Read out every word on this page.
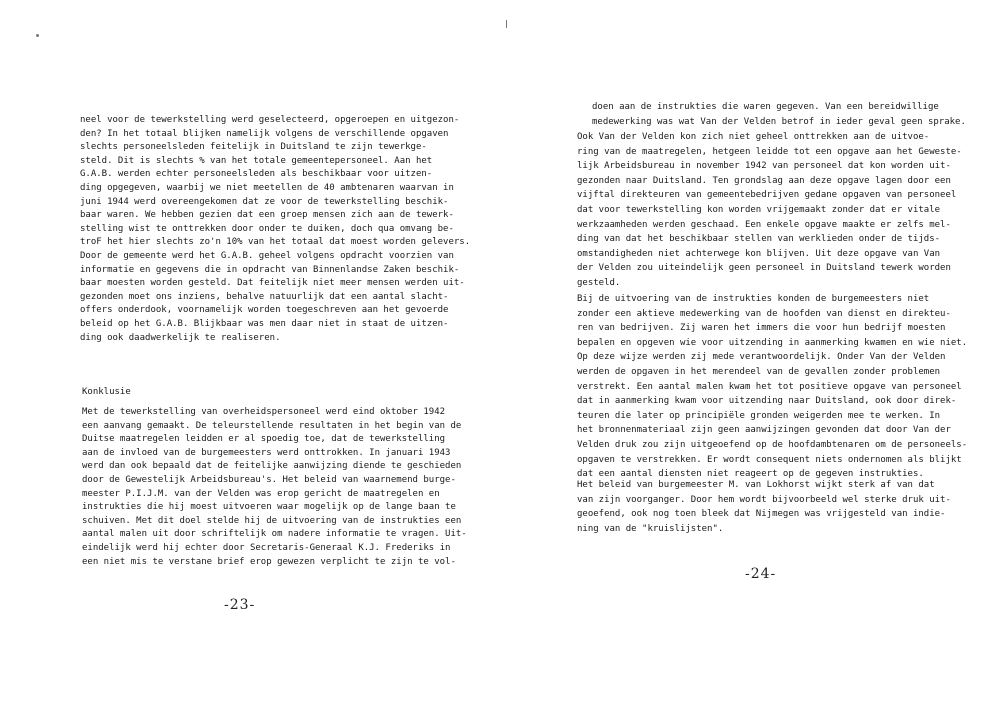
neel voor de tewerkstelling werd geselecteerd, opgeroepen en uitgezon-
den? In het totaal blijken namelijk volgens de verschillende opgaven
slechts personeelsleden feitelijk in Duitsland te zijn tewerkge-
steld. Dit is slechts % van het totale gemeentepersoneel. Aan het
G.A.B. werden echter personeelsleden als beschikbaar voor uitzen-
ding opgegeven, waarbij we niet meetellen de 40 ambtenaren waarvan in
juni 1944 werd overeengekomen dat ze voor de tewerkstelling beschik-
baar waren. We hebben gezien dat een groep mensen zich aan de tewerk-
stelling wist te onttrekken door onder te duiken, doch qua omvang be-
troF het hier slechts zo'n 10% van het totaal dat moest worden gelevers.
Door de gemeente werd het G.A.B. geheel volgens opdracht voorzien van
informatie en gegevens die in opdracht van Binnenlandse Zaken beschik-
baar moesten worden gesteld. Dat feitelijk niet meer mensen werden uit-
gezonden moet ons inziens, behalve natuurlijk dat een aantal slacht-
offers onderdook, voornamelijk worden toegeschreven aan het gevoerde
beleid op het G.A.B. Blijkbaar was men daar niet in staat de uitzen-
ding ook daadwerkelijk te realiseren.
Konklusie
Met de tewerkstelling van overheidspersoneel werd eind oktober 1942
een aanvang gemaakt. De teleurstellende resultaten in het begin van de
Duitse maatregelen leidden er al spoedig toe, dat de tewerkstelling
aan de invloed van de burgemeesters werd onttrokken. In januari 1943
werd dan ook bepaald dat de feitelijke aanwijzing diende te geschieden
door de Gewestelijk Arbeidsbureau's. Het beleid van waarnemend burge-
meester P.I.J.M. van der Velden was erop gericht de maatregelen en
instrukties die hij moest uitvoeren waar mogelijk op de lange baan te
schuiven. Met dit doel stelde hij de uitvoering van de instrukties een
aantal malen uit door schriftelijk om nadere informatie te vragen. Uit-
eindelijk werd hij echter door Secretaris-Generaal K.J. Frederiks in
een niet mis te verstane brief erop gewezen verplicht te zijn te vol-
-23-
doen aan de instrukties die waren gegeven. Van een bereidwillige
medewerking was wat Van der Velden betrof in ieder geval geen sprake.
Ook Van der Velden kon zich niet geheel onttrekken aan de uitvoe-
ring van de maatregelen, hetgeen leidde tot een opgave aan het Geweste-
lijk Arbeidsbureau in november 1942 van personeel dat kon worden uit-
gezonden naar Duitsland. Ten grondslag aan deze opgave lagen door een
vijftal direkteuren van gemeentebedrijven gedane opgaven van personeel
dat voor tewerkstelling kon worden vrijgemaakt zonder dat er vitale
werkzaamheden werden geschaad. Een enkele opgave maakte er zelfs mel-
ding van dat het beschikbaar stellen van werklieden onder de tijds-
omstandigheden niet achterwege kon blijven. Uit deze opgave van Van
der Velden zou uiteindelijk geen personeel in Duitsland tewerk worden
gesteld.
Bij de uitvoering van de instrukties konden de burgemeesters niet
zonder een aktieve medewerking van de hoofden van dienst en direkteu-
ren van bedrijven. Zij waren het immers die voor hun bedrijf moesten
bepalen en opgeven wie voor uitzending in aanmerking kwamen en wie niet.
Op deze wijze werden zij mede verantwoordelijk. Onder Van der Velden
werden de opgaven in het merendeel van de gevallen zonder problemen
verstrekt. Een aantal malen kwam het tot positieve opgave van personeel
dat in aanmerking kwam voor uitzending naar Duitsland, ook door direk-
teuren die later op principiële gronden weigerden mee te werken. In
het bronnenmateriaal zijn geen aanwijzingen gevonden dat door Van der
Velden druk zou zijn uitgeoefend op de hoofdambtenaren om de personeels-
opgaven te verstrekken. Er wordt consequent niets ondernomen als blijkt
dat een aantal diensten niet reageert op de gegeven instrukties.
Het beleid van burgemeester M. van Lokhorst wijkt sterk af van dat
van zijn voorganger. Door hem wordt bijvoorbeeld wel sterke druk uit-
geoefend, ook nog toen bleek dat Nijmegen was vrijgesteld van indie-
ning van de "kruislijsten".
-24-
